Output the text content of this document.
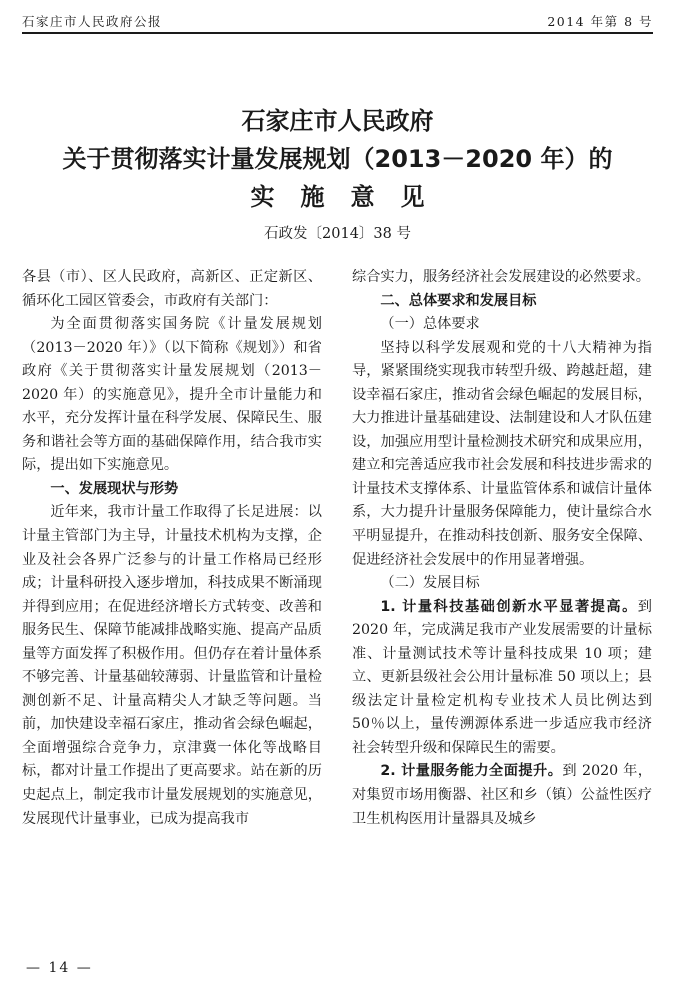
石家庄市人民政府公报	2014 年第 8 号
石家庄市人民政府
关于贯彻落实计量发展规划（2013－2020 年）的
实施意见
石政发〔2014〕38 号

各县（市）、区人民政府，高新区、正定新区、循环化工园区管委会，市政府有关部门：

为全面贯彻落实国务院《计量发展规划（2013－2020 年）》（以下简称《规划》）和省政府《关于贯彻落实计量发展规划（2013－2020 年）的实施意见》，提升全市计量能力和水平，充分发挥计量在科学发展、保障民生、服务和谐社会等方面的基础保障作用，结合我市实际，提出如下实施意见。

一、发展现状与形势

近年来，我市计量工作取得了长足进展：以计量主管部门为主导，计量技术机构为支撑，企业及社会各界广泛参与的计量工作格局已经形成；计量科研投入逐步增加，科技成果不断涌现并得到应用；在促进经济增长方式转变、改善和服务民生、保障节能减排战略实施、提高产品质量等方面发挥了积极作用。但仍存在着计量体系不够完善、计量基础较薄弱、计量监管和计量检测创新不足、计量高精尖人才缺乏等问题。当前，加快建设幸福石家庄，推动省会绿色崛起，全面增强综合竞争力，京津冀一体化等战略目标，都对计量工作提出了更高要求。站在新的历史起点上，制定我市计量发展规划的实施意见，发展现代计量事业，已成为提高我市

综合实力，服务经济社会发展建设的必然要求。

二、总体要求和发展目标

（一）总体要求

坚持以科学发展观和党的十八大精神为指导，紧紧围绕实现我市转型升级、跨越赶超，建设幸福石家庄，推动省会绿色崛起的发展目标，大力推进计量基础建设、法制建设和人才队伍建设，加强应用型计量检测技术研究和成果应用，建立和完善适应我市社会发展和科技进步需求的计量技术支撑体系、计量监管体系和诚信计量体系，大力提升计量服务保障能力，使计量综合水平明显提升，在推动科技创新、服务安全保障、促进经济社会发展中的作用显著增强。

（二）发展目标

1. 计量科技基础创新水平显著提高。到 2020 年，完成满足我市产业发展需要的计量标准、计量测试技术等计量科技成果 10 项；建立、更新县级社会公用计量标准 50 项以上；县级法定计量检定机构专业技术人员比例达到 50％以上，量传溯源体系进一步适应我市经济社会转型升级和保障民生的需要。

2. 计量服务能力全面提升。到 2020 年，对集贸市场用衡器、社区和乡（镇）公益性医疗卫生机构医用计量器具及城乡

— 14 —
